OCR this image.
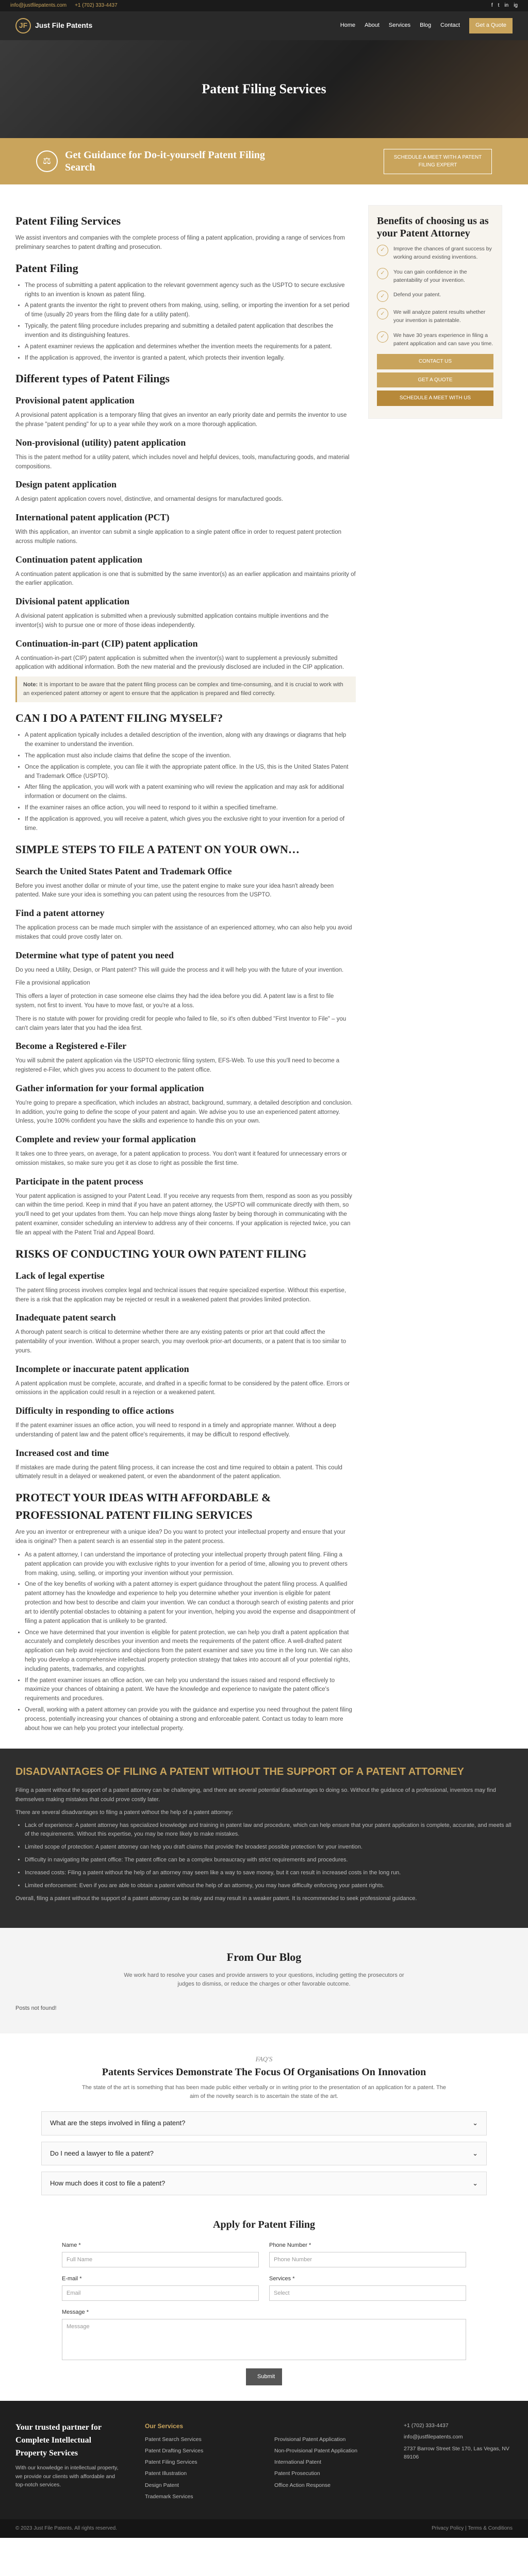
info@justfilepatents.com +1 (702) 333-4437	f t in ig
JF	Just File Patents	Home About Services Blog Contact	Get a Quote
Patent Filing Services
⚖
Get Guidance for Do-it-yourself Patent Filing Search
SCHEDULE A MEET WITH A PATENT FILING EXPERT
Patent Filing Services

We assist inventors and companies with the complete process of filing a patent application, providing a range of services from preliminary searches to patent drafting and prosecution.

Patent Filing
• The process of submitting a patent application to the relevant government agency such as the USPTO to secure exclusive rights to an invention is known as patent filing.
• A patent grants the inventor the right to prevent others from making, using, selling, or importing the invention for a set period of time (usually 20 years from the filing date for a utility patent).
• Typically, the patent filing procedure includes preparing and submitting a detailed patent application that describes the invention and its distinguishing features.
• A patent examiner reviews the application and determines whether the invention meets the requirements for a patent.
• If the application is approved, the inventor is granted a patent, which protects their invention legally.
Different types of Patent Filings
Provisional patent application

A provisional patent application is a temporary filing that gives an inventor an early priority date and permits the inventor to use the phrase "patent pending" for up to a year while they work on a more thorough application.

Non-provisional (utility) patent application

This is the patent method for a utility patent, which includes novel and helpful devices, tools, manufacturing goods, and material compositions.

Design patent application

A design patent application covers novel, distinctive, and ornamental designs for manufactured goods.

International patent application (PCT)

With this application, an inventor can submit a single application to a single patent office in order to request patent protection across multiple nations.

Continuation patent application

A continuation patent application is one that is submitted by the same inventor(s) as an earlier application and maintains priority of the earlier application.

Divisional patent application

A divisional patent application is submitted when a previously submitted application contains multiple inventions and the inventor(s) wish to pursue one or more of those ideas independently.

Continuation-in-part (CIP) patent application

A continuation-in-part (CIP) patent application is submitted when the inventor(s) want to supplement a previously submitted application with additional information. Both the new material and the previously disclosed are included in the CIP application.

Note: It is important to be aware that the patent filing process can be complex and time-consuming, and it is crucial to work with an experienced patent attorney or agent to ensure that the application is prepared and filed correctly.
CAN I DO A PATENT FILING MYSELF?
• A patent application typically includes a detailed description of the invention, along with any drawings or diagrams that help the examiner to understand the invention.
• The application must also include claims that define the scope of the invention.
• Once the application is complete, you can file it with the appropriate patent office. In the US, this is the United States Patent and Trademark Office (USPTO).
• After filing the application, you will work with a patent examining who will review the application and may ask for additional information or document on the claims.
• If the examiner raises an office action, you will need to respond to it within a specified timeframe.
• If the application is approved, you will receive a patent, which gives you the exclusive right to your invention for a period of time.
SIMPLE STEPS TO FILE A PATENT ON YOUR OWN…
Search the United States Patent and Trademark Office

Before you invest another dollar or minute of your time, use the patent engine to make sure your idea hasn't already been patented. Make sure your idea is something you can patent using the resources from the USPTO.

Find a patent attorney

The application process can be made much simpler with the assistance of an experienced attorney, who can also help you avoid mistakes that could prove costly later on.

Determine what type of patent you need

Do you need a Utility, Design, or Plant patent? This will guide the process and it will help you with the future of your invention.

File a provisional application

This offers a layer of protection in case someone else claims they had the idea before you did. A patent law is a first to file system, not first to invent. You have to move fast, or you're at a loss.

There is no statute with power for providing credit for people who failed to file, so it's often dubbed "First Inventor to File" – you can't claim years later that you had the idea first.

Become a Registered e-Filer

You will submit the patent application via the USPTO electronic filing system, EFS-Web. To use this you'll need to become a registered e-Filer, which gives you access to document to the patent office.

Gather information for your formal application

You're going to prepare a specification, which includes an abstract, background, summary, a detailed description and conclusion. In addition, you're going to define the scope of your patent and again. We advise you to use an experienced patent attorney. Unless, you're 100% confident you have the skills and experience to handle this on your own.

Complete and review your formal application

It takes one to three years, on average, for a patent application to process. You don't want it featured for unnecessary errors or omission mistakes, so make sure you get it as close to right as possible the first time.

Participate in the patent process

Your patent application is assigned to your Patent Lead. If you receive any requests from them, respond as soon as you possibly can within the time period. Keep in mind that if you have an patent attorney, the USPTO will communicate directly with them, so you'll need to get your updates from them. You can help move things along faster by being thorough in communicating with the patent examiner, consider scheduling an interview to address any of their concerns. If your application is rejected twice, you can file an appeal with the Patent Trial and Appeal Board.

RISKS OF CONDUCTING YOUR OWN PATENT FILING
Lack of legal expertise

The patent filing process involves complex legal and technical issues that require specialized expertise. Without this expertise, there is a risk that the application may be rejected or result in a weakened patent that provides limited protection.

Inadequate patent search

A thorough patent search is critical to determine whether there are any existing patents or prior art that could affect the patentability of your invention. Without a proper search, you may overlook prior-art documents, or a patent that is too similar to yours.

Incomplete or inaccurate patent application

A patent application must be complete, accurate, and drafted in a specific format to be considered by the patent office. Errors or omissions in the application could result in a rejection or a weakened patent.

Difficulty in responding to office actions

If the patent examiner issues an office action, you will need to respond in a timely and appropriate manner. Without a deep understanding of patent law and the patent office's requirements, it may be difficult to respond effectively.

Increased cost and time

If mistakes are made during the patent filing process, it can increase the cost and time required to obtain a patent. This could ultimately result in a delayed or weakened patent, or even the abandonment of the patent application.

PROTECT YOUR IDEAS WITH AFFORDABLE & PROFESSIONAL PATENT FILING SERVICES

Are you an inventor or entrepreneur with a unique idea? Do you want to protect your intellectual property and ensure that your idea is original? Then a patent search is an essential step in the patent process.

• As a patent attorney, I can understand the importance of protecting your intellectual property through patent filing. Filing a patent application can provide you with exclusive rights to your invention for a period of time, allowing you to prevent others from making, using, selling, or importing your invention without your permission.
• One of the key benefits of working with a patent attorney is expert guidance throughout the patent filing process. A qualified patent attorney has the knowledge and experience to help you determine whether your invention is eligible for patent protection and how best to describe and claim your invention. We can conduct a thorough search of existing patents and prior art to identify potential obstacles to obtaining a patent for your invention, helping you avoid the expense and disappointment of filing a patent application that is unlikely to be granted.
• Once we have determined that your invention is eligible for patent protection, we can help you draft a patent application that accurately and completely describes your invention and meets the requirements of the patent office. A well-drafted patent application can help avoid rejections and objections from the patent examiner and save you time in the long run. We can also help you develop a comprehensive intellectual property protection strategy that takes into account all of your potential rights, including patents, trademarks, and copyrights.
• If the patent examiner issues an office action, we can help you understand the issues raised and respond effectively to maximize your chances of obtaining a patent. We have the knowledge and experience to navigate the patent office's requirements and procedures.
• Overall, working with a patent attorney can provide you with the guidance and expertise you need throughout the patent filing process, potentially increasing your chances of obtaining a strong and enforceable patent. Contact us today to learn more about how we can help you protect your intellectual property.
Benefits of choosing us as your Patent Attorney
✓	Improve the chances of grant success by working around existing inventions.
✓	You can gain confidence in the patentability of your invention.
✓	Defend your patent.
✓	We will analyze patent results whether your invention is patentable.
✓	We have 30 years experience in filing a patent application and can save you time.
CONTACT US
GET A QUOTE
SCHEDULE A MEET WITH US
DISADVANTAGES OF FILING A PATENT WITHOUT THE SUPPORT OF A PATENT ATTORNEY

Filing a patent without the support of a patent attorney can be challenging, and there are several potential disadvantages to doing so. Without the guidance of a professional, inventors may find themselves making mistakes that could prove costly later.

There are several disadvantages to filing a patent without the help of a patent attorney:

• Lack of experience: A patent attorney has specialized knowledge and training in patent law and procedure, which can help ensure that your patent application is complete, accurate, and meets all of the requirements. Without this expertise, you may be more likely to make mistakes.
• Limited scope of protection: A patent attorney can help you draft claims that provide the broadest possible protection for your invention.
• Difficulty in navigating the patent office: The patent office can be a complex bureaucracy with strict requirements and procedures.
• Increased costs: Filing a patent without the help of an attorney may seem like a way to save money, but it can result in increased costs in the long run.
• Limited enforcement: Even if you are able to obtain a patent without the help of an attorney, you may have difficulty enforcing your patent rights.

Overall, filing a patent without the support of a patent attorney can be risky and may result in a weaker patent. It is recommended to seek professional guidance.

From Our Blog

We work hard to resolve your cases and provide answers to your questions, including getting the prosecutors or judges to dismiss, or reduce the charges or other favorable outcome.

Posts not found!

FAQ'S

Patents Services Demonstrate The Focus Of Organisations On Innovation

The state of the art is something that has been made public either verbally or in writing prior to the presentation of an application for a patent. The aim of the novelty search is to ascertain the state of the art.

What are the steps involved in filing a patent?	⌄
Do I need a lawyer to file a patent?	⌄
How much does it cost to file a patent?	⌄
Apply for Patent Filing
Name *
Full Name
Phone Number *
Phone Number
E-mail *
Email
Services *
Select
Message *
Message
Submit
Your trusted partner for Complete Intellectual Property Services

With our knowledge in intellectual property, we provide our clients with affordable and top-notch services.

Our Services
Patent Search Services
Patent Drafting Services
Patent Filing Services
Patent Illustration
Design Patent
Trademark Services

Provisional Patent Application
Non-Provisional Patent Application
International Patent
Patent Prosecution
Office Action Response
+1 (702) 333-4437
info@justfilepatents.com
2737 Barrow Street Ste 170, Las Vegas, NV 89106
© 2023 Just File Patents. All rights reserved.	Privacy Policy | Terms & Conditions
